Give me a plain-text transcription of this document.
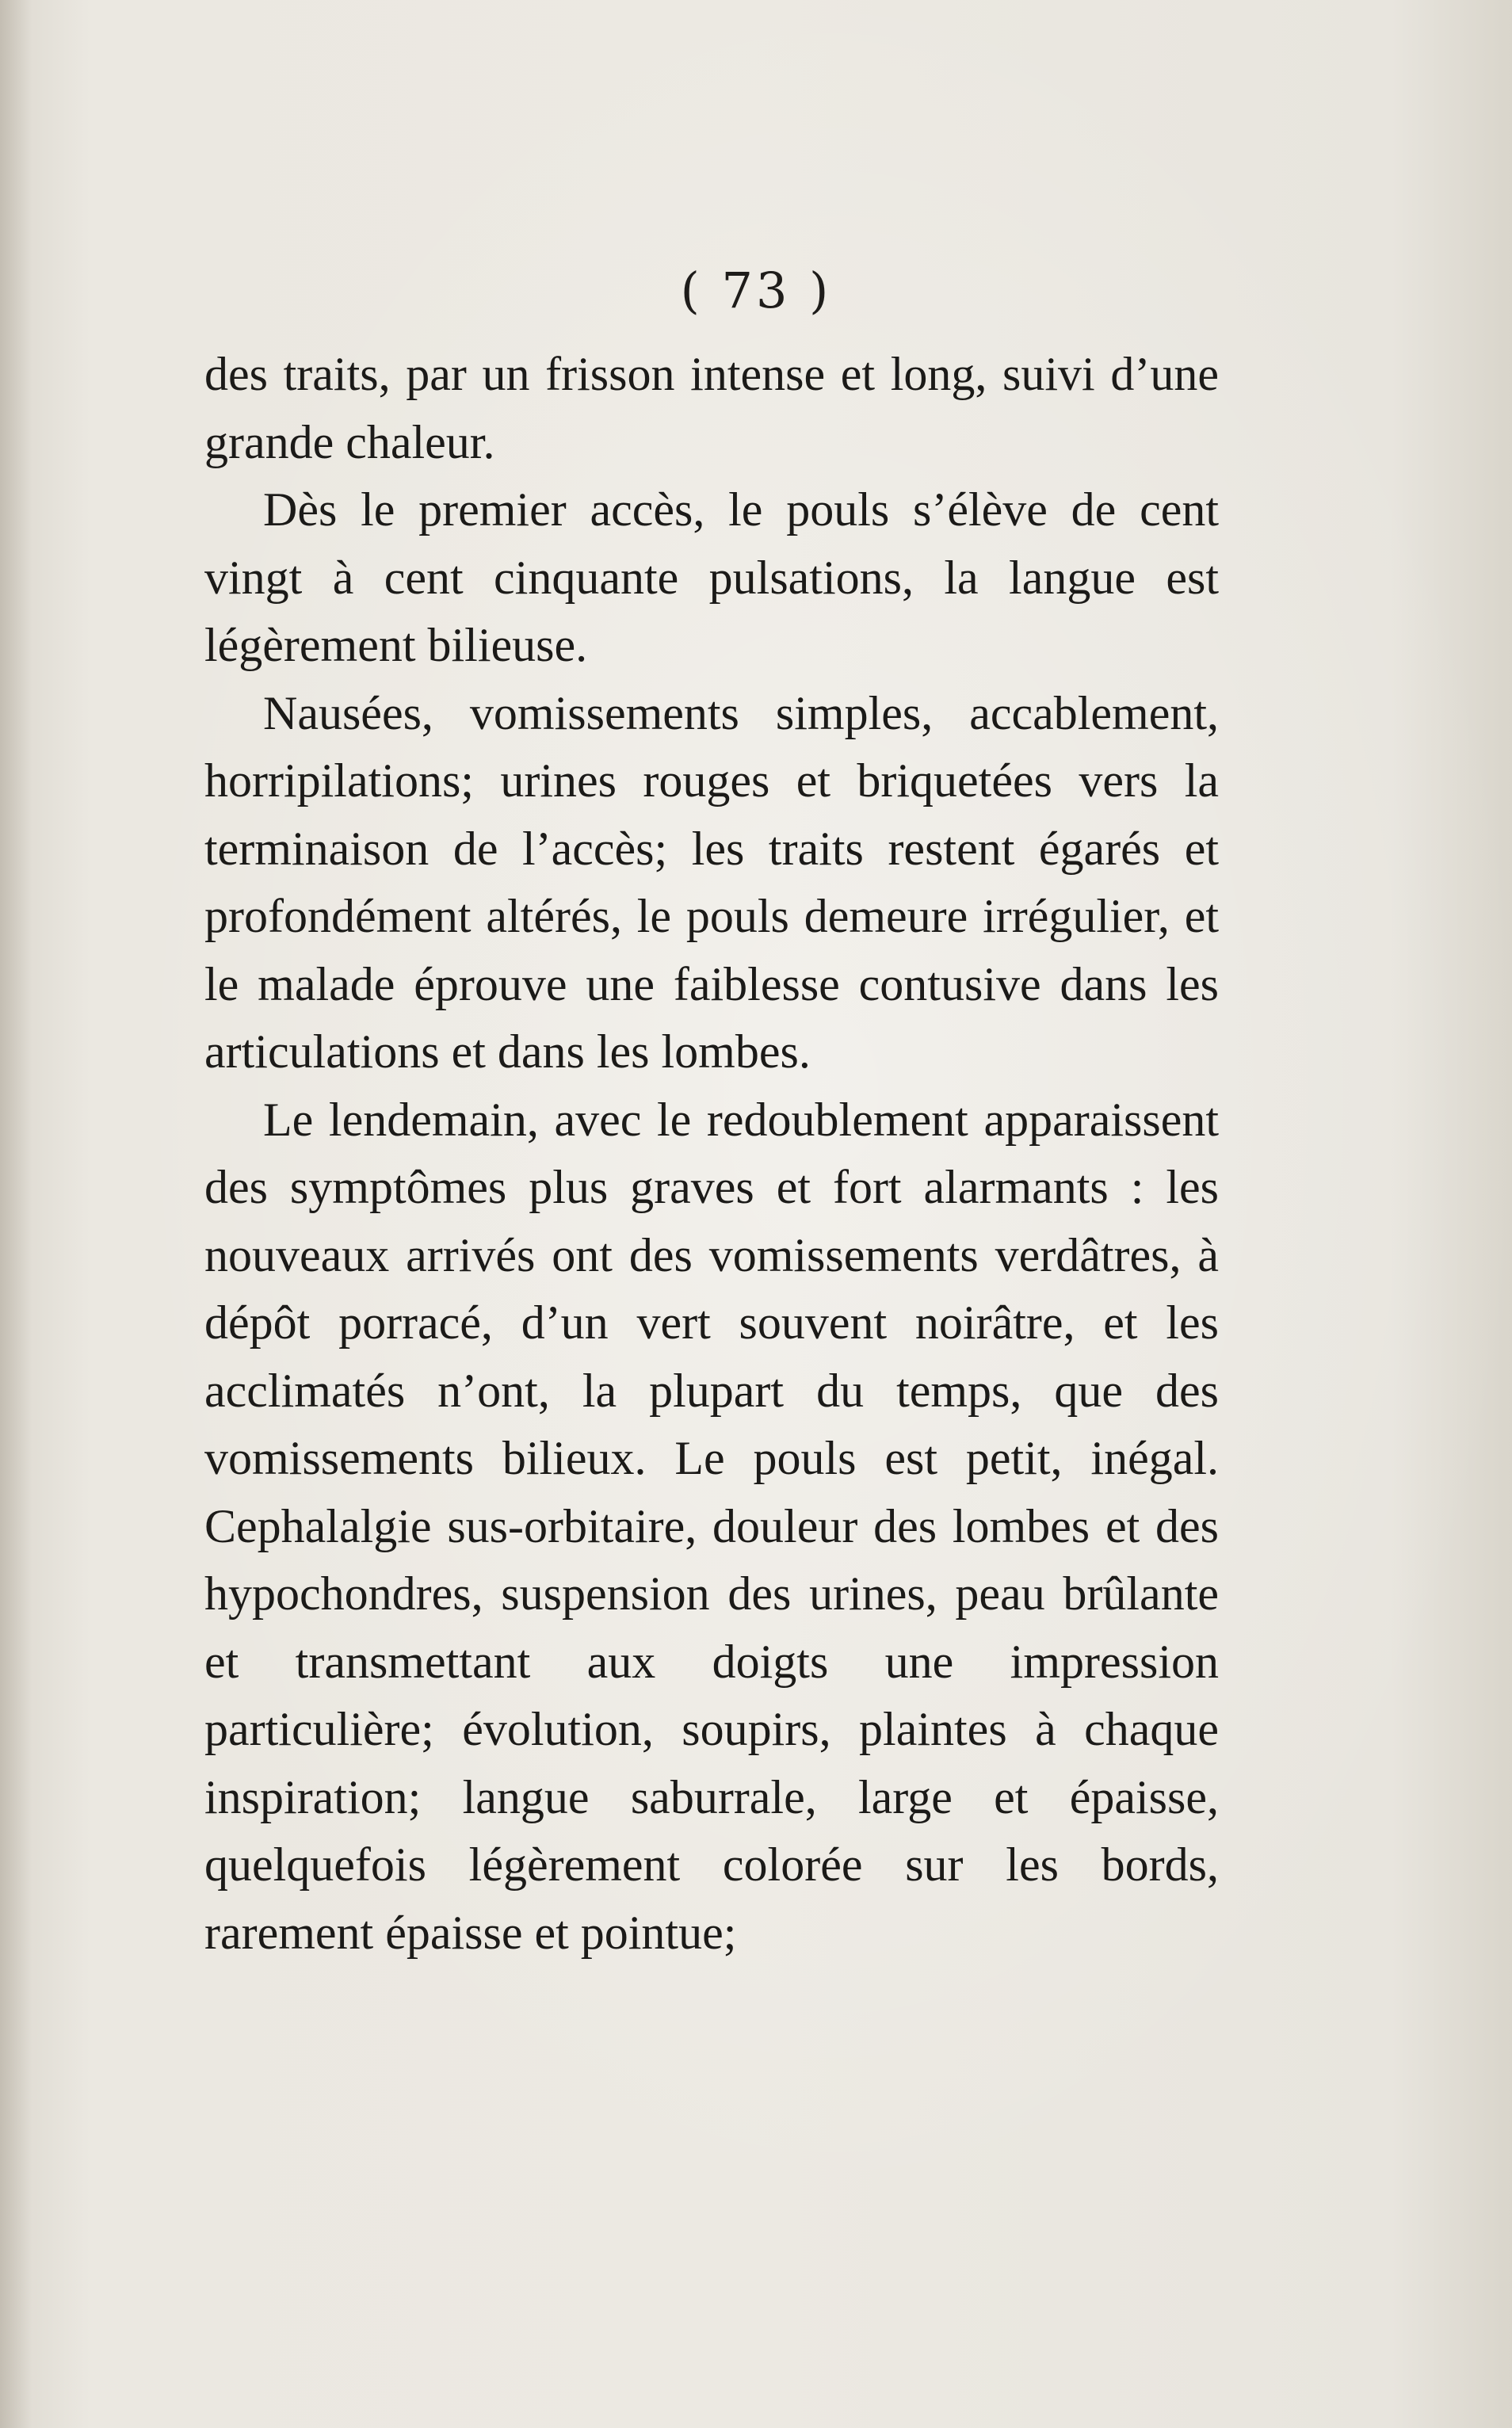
( 73 )

des traits, par un frisson intense et long, suivi d’une grande chaleur.

Dès le premier accès, le pouls s’élève de cent vingt à cent cinquante pulsations, la langue est légèrement bilieuse.

Nausées, vomissements simples, accablement, horripilations; urines rouges et briquetées vers la terminaison de l’accès; les traits restent égarés et profondément altérés, le pouls demeure irrégulier, et le malade éprouve une faiblesse contusive dans les articulations et dans les lombes.

Le lendemain, avec le redoublement apparaissent des symptômes plus graves et fort alarmants : les nouveaux arrivés ont des vomissements verdâtres, à dépôt porracé, d’un vert souvent noirâtre, et les acclimatés n’ont, la plupart du temps, que des vomissements bilieux. Le pouls est petit, inégal. Cephalalgie sus-orbitaire, douleur des lombes et des hypochondres, suspension des urines, peau brûlante et transmettant aux doigts une impression particulière; évolution, soupirs, plaintes à chaque inspiration; langue saburrale, large et épaisse, quelquefois légèrement colorée sur les bords, rarement épaisse et pointue;
